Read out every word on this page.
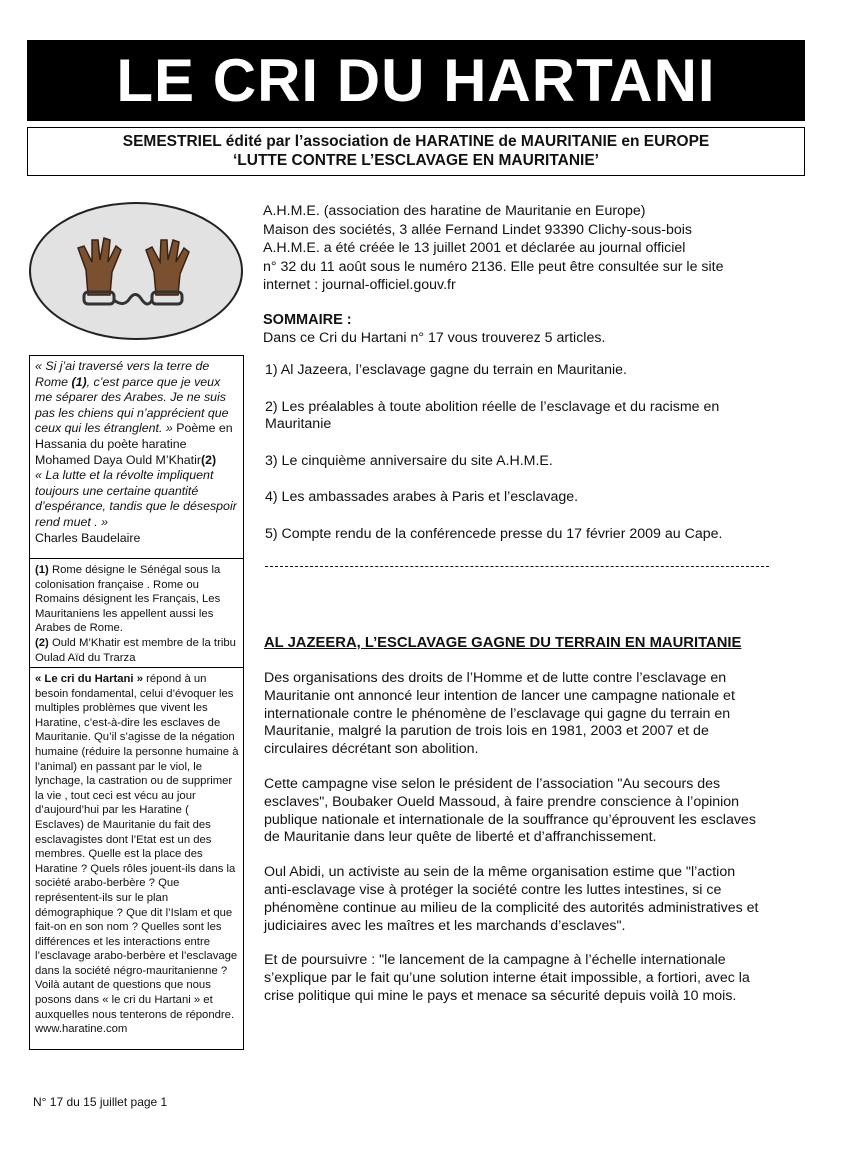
LE CRI DU HARTANI
SEMESTRIEL édité par l’association de HARATINE de MAURITANIE en EUROPE
‘LUTTE CONTRE L’ESCLAVAGE EN MAURITANIE’
A.H.M.E. (association des haratine de Mauritanie en Europe)
Maison des sociétés, 3 allée Fernand Lindet 93390 Clichy-sous-bois
A.H.M.E. a été créée le 13 juillet 2001 et déclarée au journal officiel
n° 32 du 11 août sous le numéro 2136. Elle peut être consultée sur le site
internet : journal-officiel.gouv.fr
SOMMAIRE :
Dans ce Cri du Hartani n° 17 vous trouverez 5 articles.
1) Al Jazeera, l’esclavage gagne du terrain en Mauritanie.
2) Les préalables à toute abolition réelle de l’esclavage et du racisme en Mauritanie
3) Le cinquième anniversaire du site A.H.M.E.
4) Les ambassades arabes à Paris et l’esclavage.
5) Compte rendu de la conférencede presse du 17 février 2009 au Cape.
AL JAZEERA, L’ESCLAVAGE GAGNE DU TERRAIN EN MAURITANIE

Des organisations des droits de l’Homme et de lutte contre l’esclavage en Mauritanie ont annoncé leur intention de lancer une campagne nationale et internationale contre le phénomène de l’esclavage qui gagne du terrain en Mauritanie, malgré la parution de trois lois en 1981, 2003 et 2007 et de circulaires décrétant son abolition.

Cette campagne vise selon le président de l’association "Au secours des esclaves", Boubaker Oueld Massoud, à faire prendre conscience à l’opinion publique nationale et internationale de la souffrance qu’éprouvent les esclaves de Mauritanie dans leur quête de liberté et d’affranchissement.

Oul Abidi, un activiste au sein de la même organisation estime que "l’action anti-esclavage vise à protéger la société contre les luttes intestines, si ce phénomène continue au milieu de la complicité des autorités administratives et judiciaires avec les maîtres et les marchands d’esclaves".

Et de poursuivre : "le lancement de la campagne à l’échelle internationale s’explique par le fait qu’une solution interne était impossible, a fortiori, avec la crise politique qui mine le pays et menace sa sécurité depuis voilà 10 mois.

« Si j’ai traversé vers la terre de Rome (1), c’est parce que je veux me séparer des Arabes. Je ne suis pas les chiens qui n’apprécient que ceux qui les étranglent. » Poème en Hassania du poète haratine Mohamed Daya Ould M’Khatir(2)
« La lutte et la révolte impliquent toujours une certaine quantité d’espérance, tandis que le désespoir rend muet . »
Charles Baudelaire
(1) Rome désigne le Sénégal sous la colonisation française . Rome ou Romains désignent les Français, Les Mauritaniens les appellent aussi les Arabes de Rome.
(2) Ould M’Khatir est membre de la tribu Oulad Aïd du Trarza
« Le cri du Hartani » répond à un besoin fondamental, celui d’évoquer les multiples problèmes que vivent les Haratine, c’est-à-dire les esclaves de Mauritanie. Qu’il s’agisse de la négation humaine (réduire la personne humaine à l’animal) en passant par le viol, le lynchage, la castration ou de supprimer la vie , tout ceci est vécu au jour d’aujourd’hui par les Haratine ( Esclaves) de Mauritanie du fait des esclavagistes dont l’Etat est un des membres. Quelle est la place des Haratine ? Quels rôles jouent-ils dans la société arabo-berbère ? Que représentent-ils sur le plan démographique ? Que dit l’Islam et que fait-on en son nom ? Quelles sont les différences et les interactions entre l’esclavage arabo-berbère et l’esclavage dans la société négro-mauritanienne ? Voilà autant de questions que nous posons dans « le cri du Hartani » et auxquelles nous tenterons de répondre.
www.haratine.com
N° 17 du 15 juillet page 1
